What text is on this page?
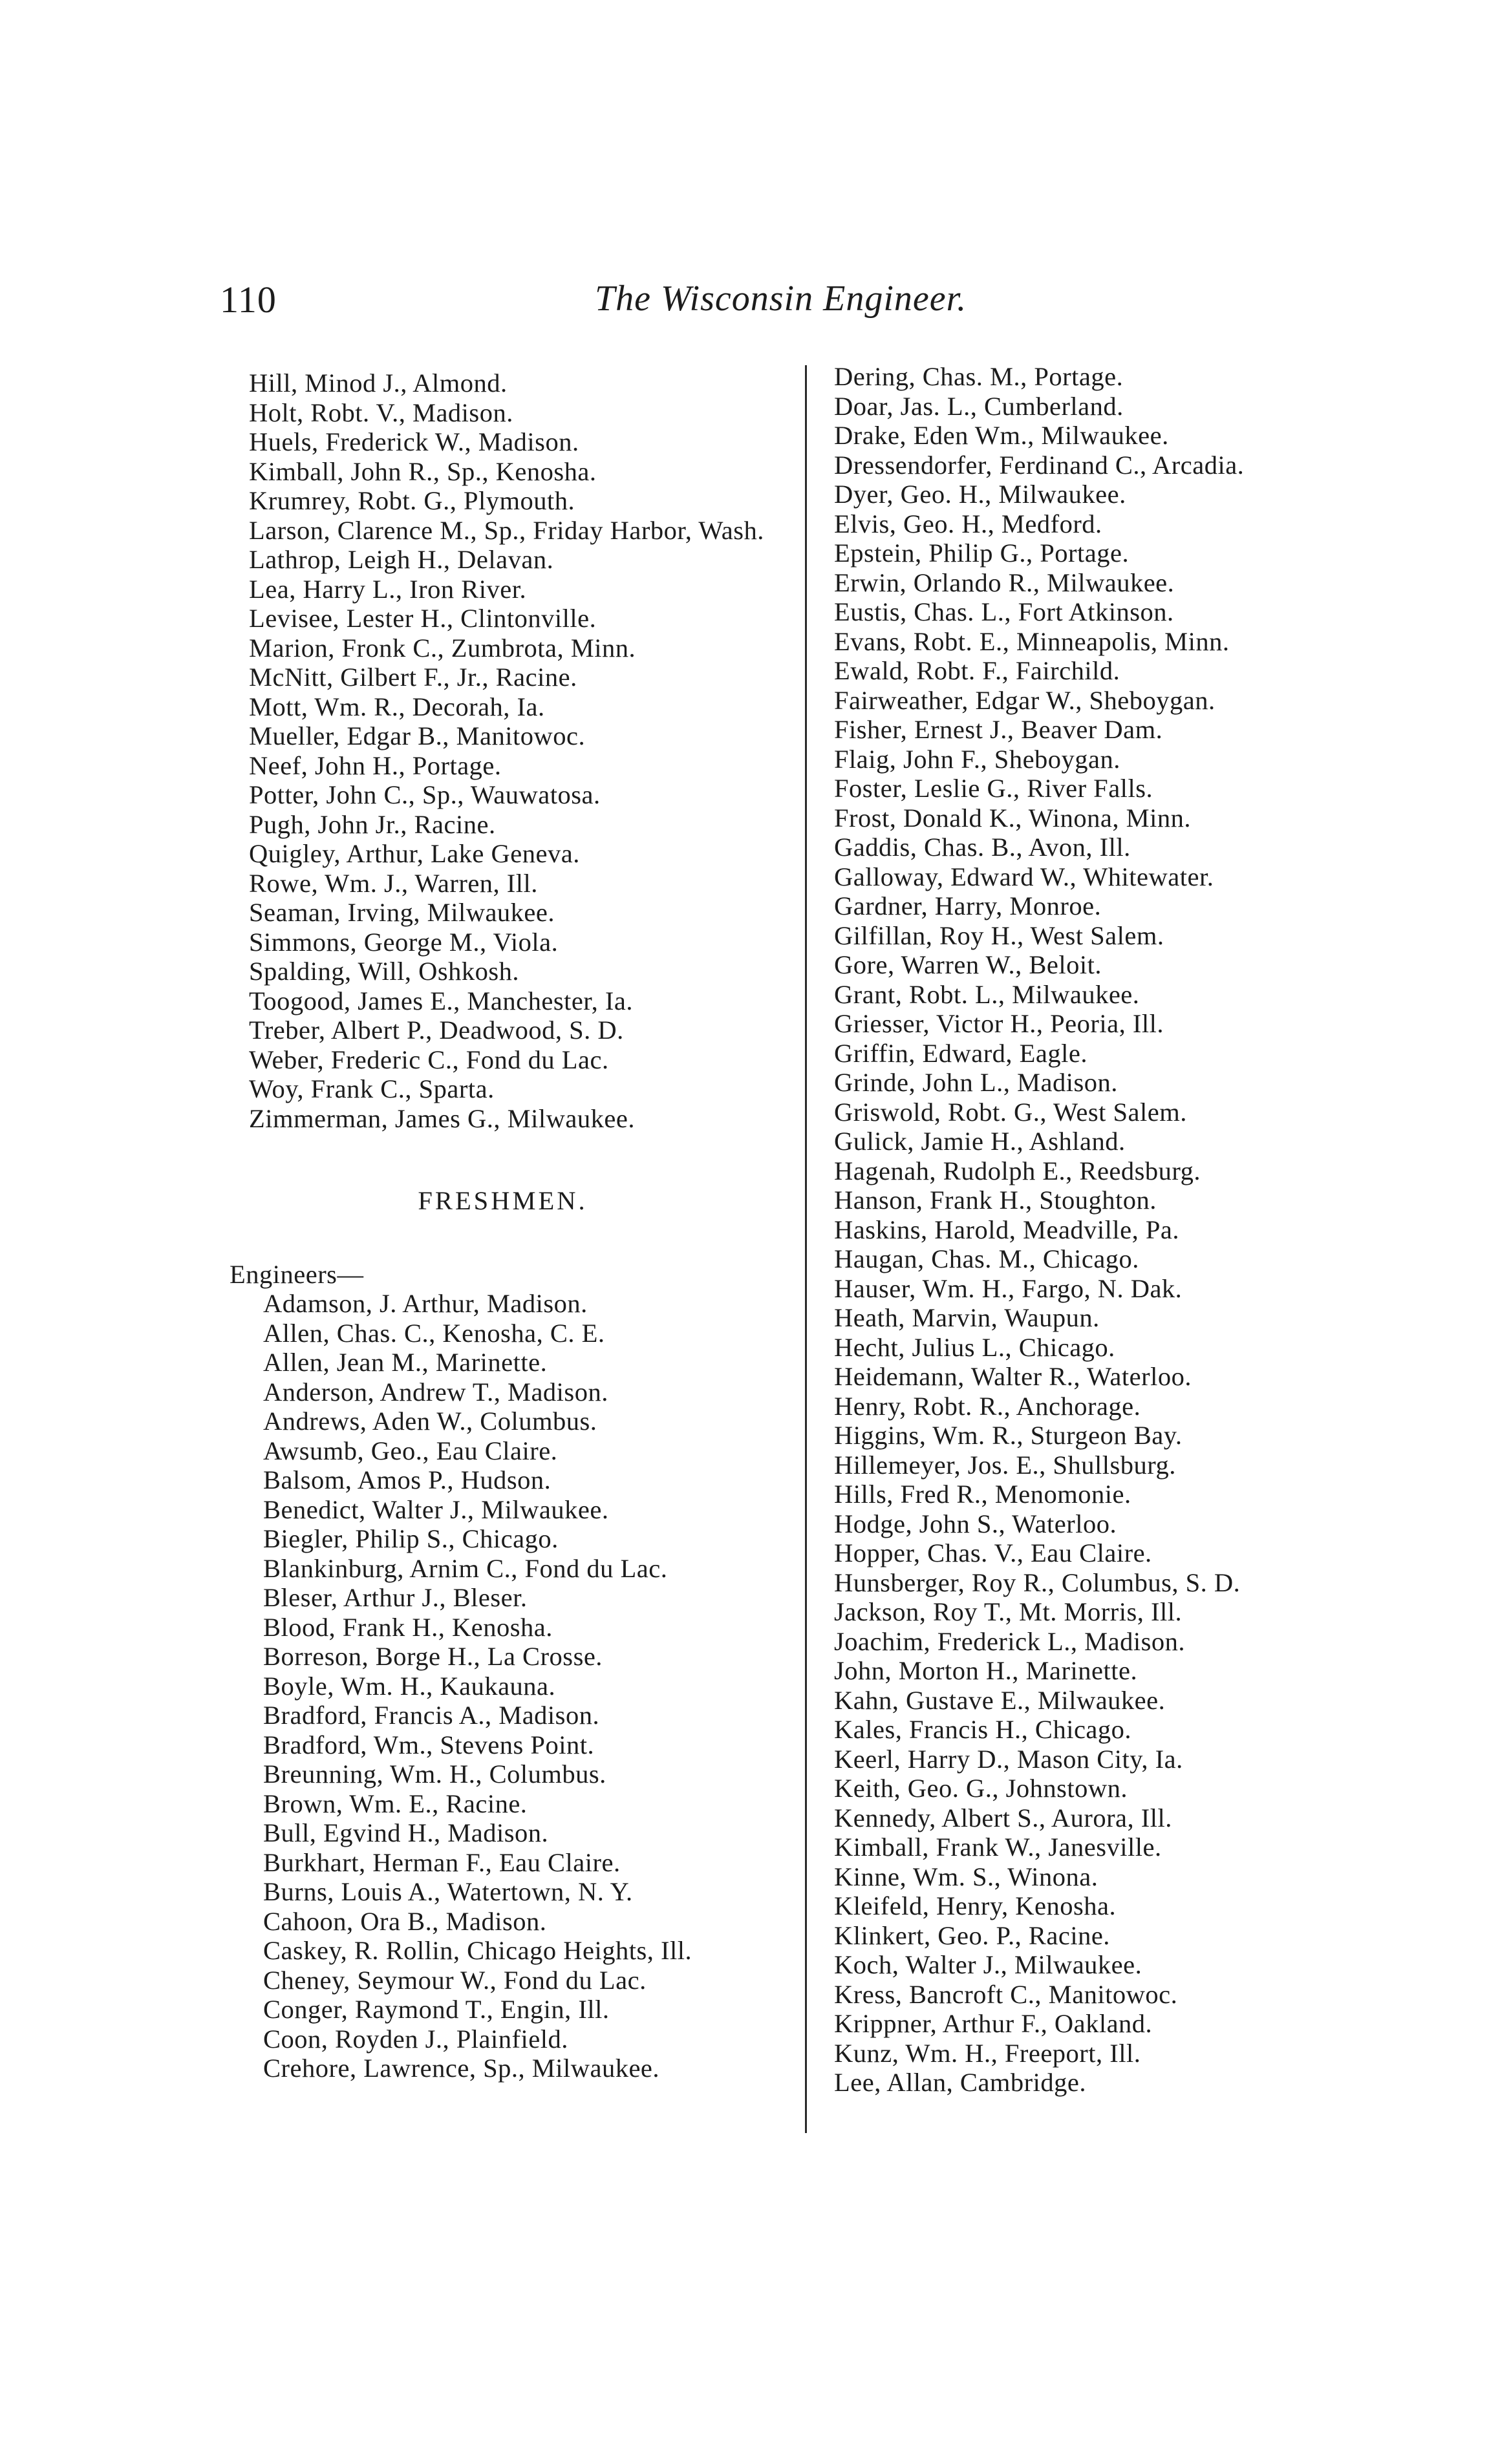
110	The Wisconsin Engineer.
Hill, Minod J., Almond.
Holt, Robt. V., Madison.
Huels, Frederick W., Madison.
Kimball, John R., Sp., Kenosha.
Krumrey, Robt. G., Plymouth.
Larson, Clarence M., Sp., Friday Harbor, Wash.
Lathrop, Leigh H., Delavan.
Lea, Harry L., Iron River.
Levisee, Lester H., Clintonville.
Marion, Fronk C., Zumbrota, Minn.
McNitt, Gilbert F., Jr., Racine.
Mott, Wm. R., Decorah, Ia.
Mueller, Edgar B., Manitowoc.
Neef, John H., Portage.
Potter, John C., Sp., Wauwatosa.
Pugh, John Jr., Racine.
Quigley, Arthur, Lake Geneva.
Rowe, Wm. J., Warren, Ill.
Seaman, Irving, Milwaukee.
Simmons, George M., Viola.
Spalding, Will, Oshkosh.
Toogood, James E., Manchester, Ia.
Treber, Albert P., Deadwood, S. D.
Weber, Frederic C., Fond du Lac.
Woy, Frank C., Sparta.
Zimmerman, James G., Milwaukee.
FRESHMEN.
Engineers—
Adamson, J. Arthur, Madison.
Allen, Chas. C., Kenosha, C. E.
Allen, Jean M., Marinette.
Anderson, Andrew T., Madison.
Andrews, Aden W., Columbus.
Awsumb, Geo., Eau Claire.
Balsom, Amos P., Hudson.
Benedict, Walter J., Milwaukee.
Biegler, Philip S., Chicago.
Blankinburg, Arnim C., Fond du Lac.
Bleser, Arthur J., Bleser.
Blood, Frank H., Kenosha.
Borreson, Borge H., La Crosse.
Boyle, Wm. H., Kaukauna.
Bradford, Francis A., Madison.
Bradford, Wm., Stevens Point.
Breunning, Wm. H., Columbus.
Brown, Wm. E., Racine.
Bull, Egvind H., Madison.
Burkhart, Herman F., Eau Claire.
Burns, Louis A., Watertown, N. Y.
Cahoon, Ora B., Madison.
Caskey, R. Rollin, Chicago Heights, Ill.
Cheney, Seymour W., Fond du Lac.
Conger, Raymond T., Engin, Ill.
Coon, Royden J., Plainfield.
Crehore, Lawrence, Sp., Milwaukee.
Dering, Chas. M., Portage.
Doar, Jas. L., Cumberland.
Drake, Eden Wm., Milwaukee.
Dressendorfer, Ferdinand C., Arcadia.
Dyer, Geo. H., Milwaukee.
Elvis, Geo. H., Medford.
Epstein, Philip G., Portage.
Erwin, Orlando R., Milwaukee.
Eustis, Chas. L., Fort Atkinson.
Evans, Robt. E., Minneapolis, Minn.
Ewald, Robt. F., Fairchild.
Fairweather, Edgar W., Sheboygan.
Fisher, Ernest J., Beaver Dam.
Flaig, John F., Sheboygan.
Foster, Leslie G., River Falls.
Frost, Donald K., Winona, Minn.
Gaddis, Chas. B., Avon, Ill.
Galloway, Edward W., Whitewater.
Gardner, Harry, Monroe.
Gilfillan, Roy H., West Salem.
Gore, Warren W., Beloit.
Grant, Robt. L., Milwaukee.
Griesser, Victor H., Peoria, Ill.
Griffin, Edward, Eagle.
Grinde, John L., Madison.
Griswold, Robt. G., West Salem.
Gulick, Jamie H., Ashland.
Hagenah, Rudolph E., Reedsburg.
Hanson, Frank H., Stoughton.
Haskins, Harold, Meadville, Pa.
Haugan, Chas. M., Chicago.
Hauser, Wm. H., Fargo, N. Dak.
Heath, Marvin, Waupun.
Hecht, Julius L., Chicago.
Heidemann, Walter R., Waterloo.
Henry, Robt. R., Anchorage.
Higgins, Wm. R., Sturgeon Bay.
Hillemeyer, Jos. E., Shullsburg.
Hills, Fred R., Menomonie.
Hodge, John S., Waterloo.
Hopper, Chas. V., Eau Claire.
Hunsberger, Roy R., Columbus, S. D.
Jackson, Roy T., Mt. Morris, Ill.
Joachim, Frederick L., Madison.
John, Morton H., Marinette.
Kahn, Gustave E., Milwaukee.
Kales, Francis H., Chicago.
Keerl, Harry D., Mason City, Ia.
Keith, Geo. G., Johnstown.
Kennedy, Albert S., Aurora, Ill.
Kimball, Frank W., Janesville.
Kinne, Wm. S., Winona.
Kleifeld, Henry, Kenosha.
Klinkert, Geo. P., Racine.
Koch, Walter J., Milwaukee.
Kress, Bancroft C., Manitowoc.
Krippner, Arthur F., Oakland.
Kunz, Wm. H., Freeport, Ill.
Lee, Allan, Cambridge.
